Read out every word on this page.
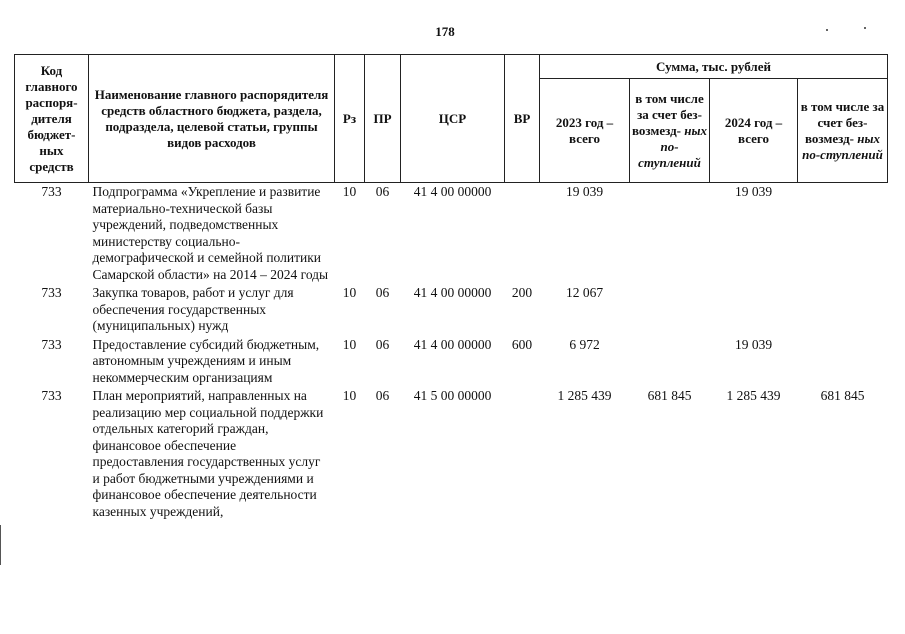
178
Код главного распоря-дителя бюджет-ных средств	Наименование главного распорядителя средств областного бюджета, раздела, подраздела, целевой статьи, группы видов расходов	Рз	ПР	ЦСР	ВР	Сумма, тыс. рублей			
						2023 год – всего	в том числе за счет без-возмезд- ных по-ступлений	2024 год – всего	в том числе за счет без-возмезд- ных по-ступлений
733	Подпрограмма «Укрепление и развитие материально-технической базы учреждений, подведомственных министерству социально-демографической и семейной политики Самарской области» на 2014 – 2024 годы	10	06	41 4 00 00000		19 039		19 039	
733	Закупка товаров, работ и услуг для обеспечения государственных (муниципальных) нужд	10	06	41 4 00 00000	200	12 067			
733	Предоставление субсидий бюджетным, автономным учреждениям и иным некоммерческим организациям	10	06	41 4 00 00000	600	6 972		19 039	
733	План мероприятий, направленных на реализацию мер социальной поддержки отдельных категорий граждан, финансовое обеспечение предоставления государственных услуг и работ бюджетными учреждениями и финансовое обеспечение деятельности казенных учреждений,	10	06	41 5 00 00000		1 285 439	681 845	1 285 439	681 845
